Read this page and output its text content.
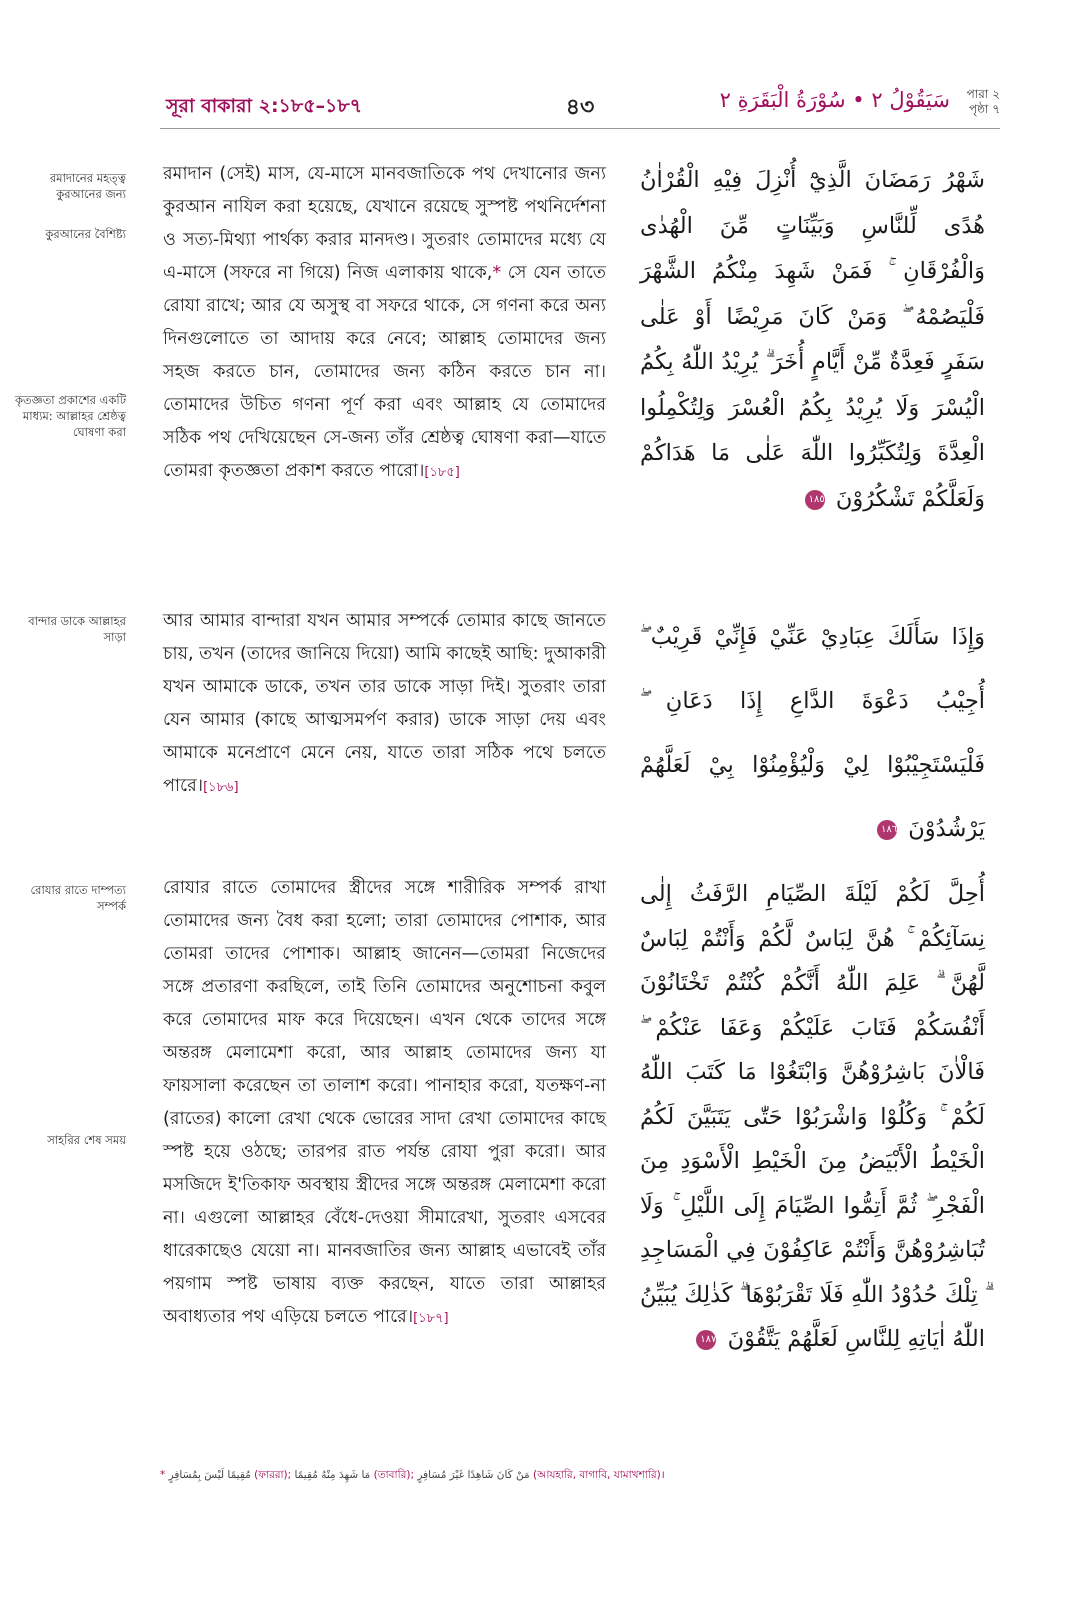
সূরা বাকারা ২:১৮৫–১৮৭	৪৩	سَيَقُوْلُ ٢ • سُوْرَةُ الْبَقَرَةِ ٢	পারা ২
পৃষ্ঠা ৭
রমাদানের মহত্ত্ব কুরআনের জন্য
কুরআনের বৈশিষ্ট্য
কৃতজ্ঞতা প্রকাশের একটি মাধ্যম: আল্লাহর শ্রেষ্ঠত্ব ঘোষণা করা
রমাদান (সেই) মাস, যে-মাসে মানবজাতিকে পথ দেখানোর জন্য কুরআন নাযিল করা হয়েছে, যেখানে রয়েছে সুস্পষ্ট পথনির্দেশনা ও সত্য-মিথ্যা পার্থক্য করার মানদণ্ড। সুতরাং তোমাদের মধ্যে যে এ-মাসে (সফরে না গিয়ে) নিজ এলাকায় থাকে,* সে যেন তাতে রোযা রাখে; আর যে অসুস্থ বা সফরে থাকে, সে গণনা করে অন্য দিনগুলোতে তা আদায় করে নেবে; আল্লাহ তোমাদের জন্য সহজ করতে চান, তোমাদের জন্য কঠিন করতে চান না। তোমাদের উচিত গণনা পূর্ণ করা এবং আল্লাহ যে তোমাদের সঠিক পথ দেখিয়েছেন সে-জন্য তাঁর শ্রেষ্ঠত্ব ঘোষণা করা—যাতে তোমরা কৃতজ্ঞতা প্রকাশ করতে পারো।[১৮৫]
شَهْرُ رَمَضَانَ الَّذِيْٓ أُنْزِلَ فِيْهِ الْقُرْاٰنُ هُدًى لِّلنَّاسِ وَبَيِّنَاتٍ مِّنَ الْهُدٰى وَالْفُرْقَانِ ۚ فَمَنْ شَهِدَ مِنْكُمُ الشَّهْرَ فَلْيَصُمْهُ ۖ وَمَنْ كَانَ مَرِيْضًا أَوْ عَلٰى سَفَرٍ فَعِدَّةٌ مِّنْ أَيَّامٍ أُخَرَ ۗ يُرِيْدُ اللّٰهُ بِكُمُ الْيُسْرَ وَلَا يُرِيْدُ بِكُمُ الْعُسْرَ وَلِتُكْمِلُوا الْعِدَّةَ وَلِتُكَبِّرُوا اللّٰهَ عَلٰى مَا هَدَاكُمْ وَلَعَلَّكُمْ تَشْكُرُوْنَ ١٨٥
বান্দার ডাকে আল্লাহর সাড়া
আর আমার বান্দারা যখন আমার সম্পর্কে তোমার কাছে জানতে চায়, তখন (তাদের জানিয়ে দিয়ো) আমি কাছেই আছি: দুআকারী যখন আমাকে ডাকে, তখন তার ডাকে সাড়া দিই। সুতরাং তারা যেন আমার (কাছে আত্মসমর্পণ করার) ডাকে সাড়া দেয় এবং আমাকে মনেপ্রাণে মেনে নেয়, যাতে তারা সঠিক পথে চলতে পারে।[১৮৬]
وَإِذَا سَأَلَكَ عِبَادِيْ عَنِّيْ فَإِنِّيْ قَرِيْبٌ ۖ أُجِيْبُ دَعْوَةَ الدَّاعِ إِذَا دَعَانِ ۖ فَلْيَسْتَجِيْبُوْا لِيْ وَلْيُؤْمِنُوْا بِيْ لَعَلَّهُمْ يَرْشُدُوْنَ ١٨٦
রোযার রাতে দাম্পত্য সম্পর্ক
সাহরির শেষ সময়
রোযার রাতে তোমাদের স্ত্রীদের সঙ্গে শারীরিক সম্পর্ক রাখা তোমাদের জন্য বৈধ করা হলো; তারা তোমাদের পোশাক, আর তোমরা তাদের পোশাক। আল্লাহ জানেন—তোমরা নিজেদের সঙ্গে প্রতারণা করছিলে, তাই তিনি তোমাদের অনুশোচনা কবুল করে তোমাদের মাফ করে দিয়েছেন। এখন থেকে তাদের সঙ্গে অন্তরঙ্গ মেলামেশা করো, আর আল্লাহ তোমাদের জন্য যা ফায়সালা করেছেন তা তালাশ করো। পানাহার করো, যতক্ষণ-না (রাতের) কালো রেখা থেকে ভোরের সাদা রেখা তোমাদের কাছে স্পষ্ট হয়ে ওঠছে; তারপর রাত পর্যন্ত রোযা পুরা করো। আর মসজিদে ই'তিকাফ অবস্থায় স্ত্রীদের সঙ্গে অন্তরঙ্গ মেলামেশা করো না। এগুলো আল্লাহর বেঁধে-দেওয়া সীমারেখা, সুতরাং এসবের ধারেকাছেও যেয়ো না। মানবজাতির জন্য আল্লাহ এভাবেই তাঁর পয়গাম স্পষ্ট ভাষায় ব্যক্ত করছেন, যাতে তারা আল্লাহর অবাধ্যতার পথ এড়িয়ে চলতে পারে।[১৮৭]
أُحِلَّ لَكُمْ لَيْلَةَ الصِّيَامِ الرَّفَثُ إِلٰى نِسَآئِكُمْ ۚ هُنَّ لِبَاسٌ لَّكُمْ وَأَنْتُمْ لِبَاسٌ لَّهُنَّ ۗ عَلِمَ اللّٰهُ أَنَّكُمْ كُنْتُمْ تَخْتَانُوْنَ أَنْفُسَكُمْ فَتَابَ عَلَيْكُمْ وَعَفَا عَنْكُمْ ۖ فَالْاٰنَ بَاشِرُوْهُنَّ وَابْتَغُوْا مَا كَتَبَ اللّٰهُ لَكُمْ ۚ وَكُلُوْا وَاشْرَبُوْا حَتّٰى يَتَبَيَّنَ لَكُمُ الْخَيْطُ الْأَبْيَضُ مِنَ الْخَيْطِ الْأَسْوَدِ مِنَ الْفَجْرِ ۖ ثُمَّ أَتِمُّوا الصِّيَامَ إِلَى اللَّيْلِ ۚ وَلَا تُبَاشِرُوْهُنَّ وَأَنْتُمْ عَاكِفُوْنَ فِي الْمَسَاجِدِ ۗ تِلْكَ حُدُوْدُ اللّٰهِ فَلَا تَقْرَبُوْهَا ۗ كَذٰلِكَ يُبَيِّنُ اللّٰهُ اٰيَاتِهِ لِلنَّاسِ لَعَلَّهُمْ يَتَّقُوْنَ ١٨٧
* مُقِيمًا لَيْسَ بِمُسَافِرٍ (ফাররা); مَا شَهِدَ مِنْهُ مُقِيمًا (তাবারি); مَنْ كَانَ شَاهِدًا غَيْرَ مُسَافِرٍ (আযহারি, বাগাবি, যামাখশারি)।
